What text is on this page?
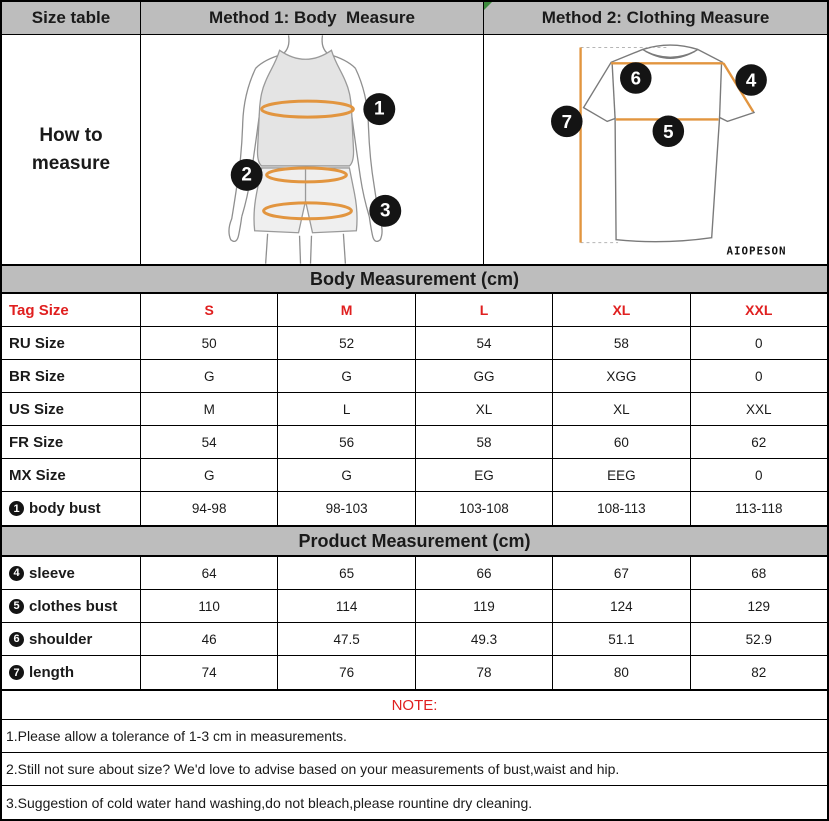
Size table	Method 1: Body  Measure	Method 2: Clothing Measure
How to measure
1
2
3
4
5
6
7
AIOPESON
Body Measurement (cm)
Tag Size	S	M	L	XL	XXL
RU Size	50	52	54	58	0
BR Size	G	G	GG	XGG	0
US Size	M	L	XL	XL	XXL
FR Size	54	56	58	60	62
MX Size	G	G	EG	EEG	0
1 body bust	94-98	98-103	103-108	108-113	113-118
Product Measurement (cm)
4 sleeve	64	65	66	67	68
5 clothes bust	110	114	119	124	129
6 shoulder	46	47.5	49.3	51.1	52.9
7 length	74	76	78	80	82
NOTE:
1.Please allow a tolerance of 1-3 cm in measurements.
2.Still not sure about size? We'd love to advise based on your measurements of bust,waist and hip.
3.Suggestion of cold water hand washing,do not bleach,please rountine dry cleaning.
